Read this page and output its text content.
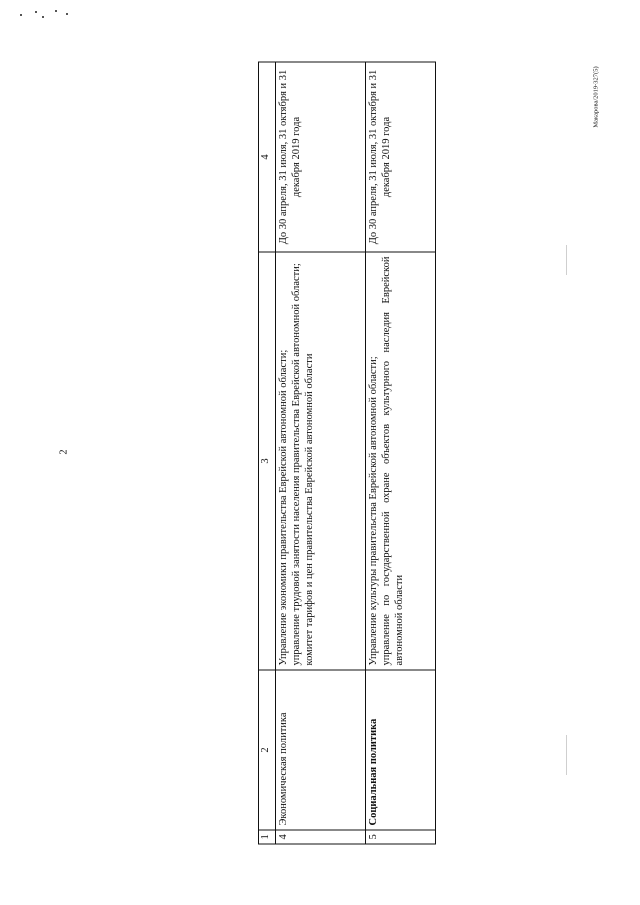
2
Макарова/2019-327(5)
1	2	3	4
4	Экономическая политика	Управление экономики правительства Еврейской автономной области; управление трудовой занятости населения правительства Еврейской автономной области; комитет тарифов и цен правительства Еврейской автономной области	До 30 апреля, 31 июля, 31 октября и 31 декабря 2019 года
5	Социальная политика	Управление культуры правительства Еврейской автономной области; управление по государственной охране объектов культурного наследия Еврейской автономной области	До 30 апреля, 31 июля, 31 октября и 31 декабря 2019 года
